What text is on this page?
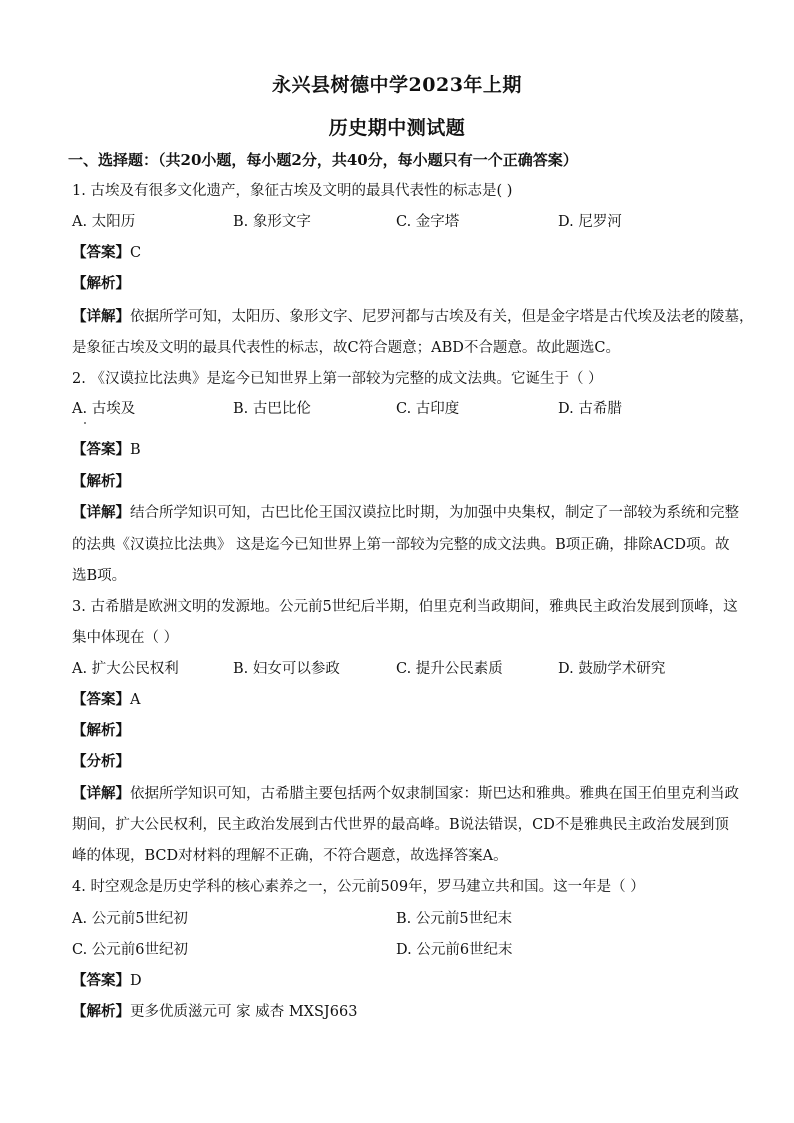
永兴县树德中学2023年上期
历史期中测试题
一、选择题：（共20小题，每小题2分，共40分，每小题只有一个正确答案）
1. 古埃及有很多文化遗产，象征古埃及文明的最具代表性的标志是( )
A. 太阳历	B. 象形文字	C. 金字塔	D. 尼罗河
【答案】C
【解析】
【详解】依据所学可知，太阳历、象形文字、尼罗河都与古埃及有关，但是金字塔是古代埃及法老的陵墓，
是象征古埃及文明的最具代表性的标志，故C符合题意；ABD不合题意。故此题选C。
2. 《汉谟拉比法典》是迄今已知世界上第一部较为完整的成文法典。它诞生于（ ）
A. 古埃及	B. 古巴比伦	C. 古印度	D. 古希腊
【答案】B
【解析】
【详解】结合所学知识可知，古巴比伦王国汉谟拉比时期，为加强中央集权，制定了一部较为系统和完整
的法典《汉谟拉比法典》 这是迄今已知世界上第一部较为完整的成文法典。B项正确，排除ACD项。故
选B项。
3. 古希腊是欧洲文明的发源地。公元前5世纪后半期，伯里克利当政期间，雅典民主政治发展到顶峰，这
集中体现在（ ）
A. 扩大公民权利	B. 妇女可以参政	C. 提升公民素质	D. 鼓励学术研究
【答案】A
【解析】
【分析】
【详解】依据所学知识可知，古希腊主要包括两个奴隶制国家：斯巴达和雅典。雅典在国王伯里克利当政
期间，扩大公民权利，民主政治发展到古代世界的最高峰。B说法错误，CD不是雅典民主政治发展到顶
峰的体现，BCD对材料的理解不正确，不符合题意，故选择答案A。
4. 时空观念是历史学科的核心素养之一，公元前509年，罗马建立共和国。这一年是（ ）
A. 公元前5世纪初	B. 公元前5世纪末
C. 公元前6世纪初	D. 公元前6世纪末
【答案】D
【解析】更多优质滋元可 家 威杏 MXSJ663
